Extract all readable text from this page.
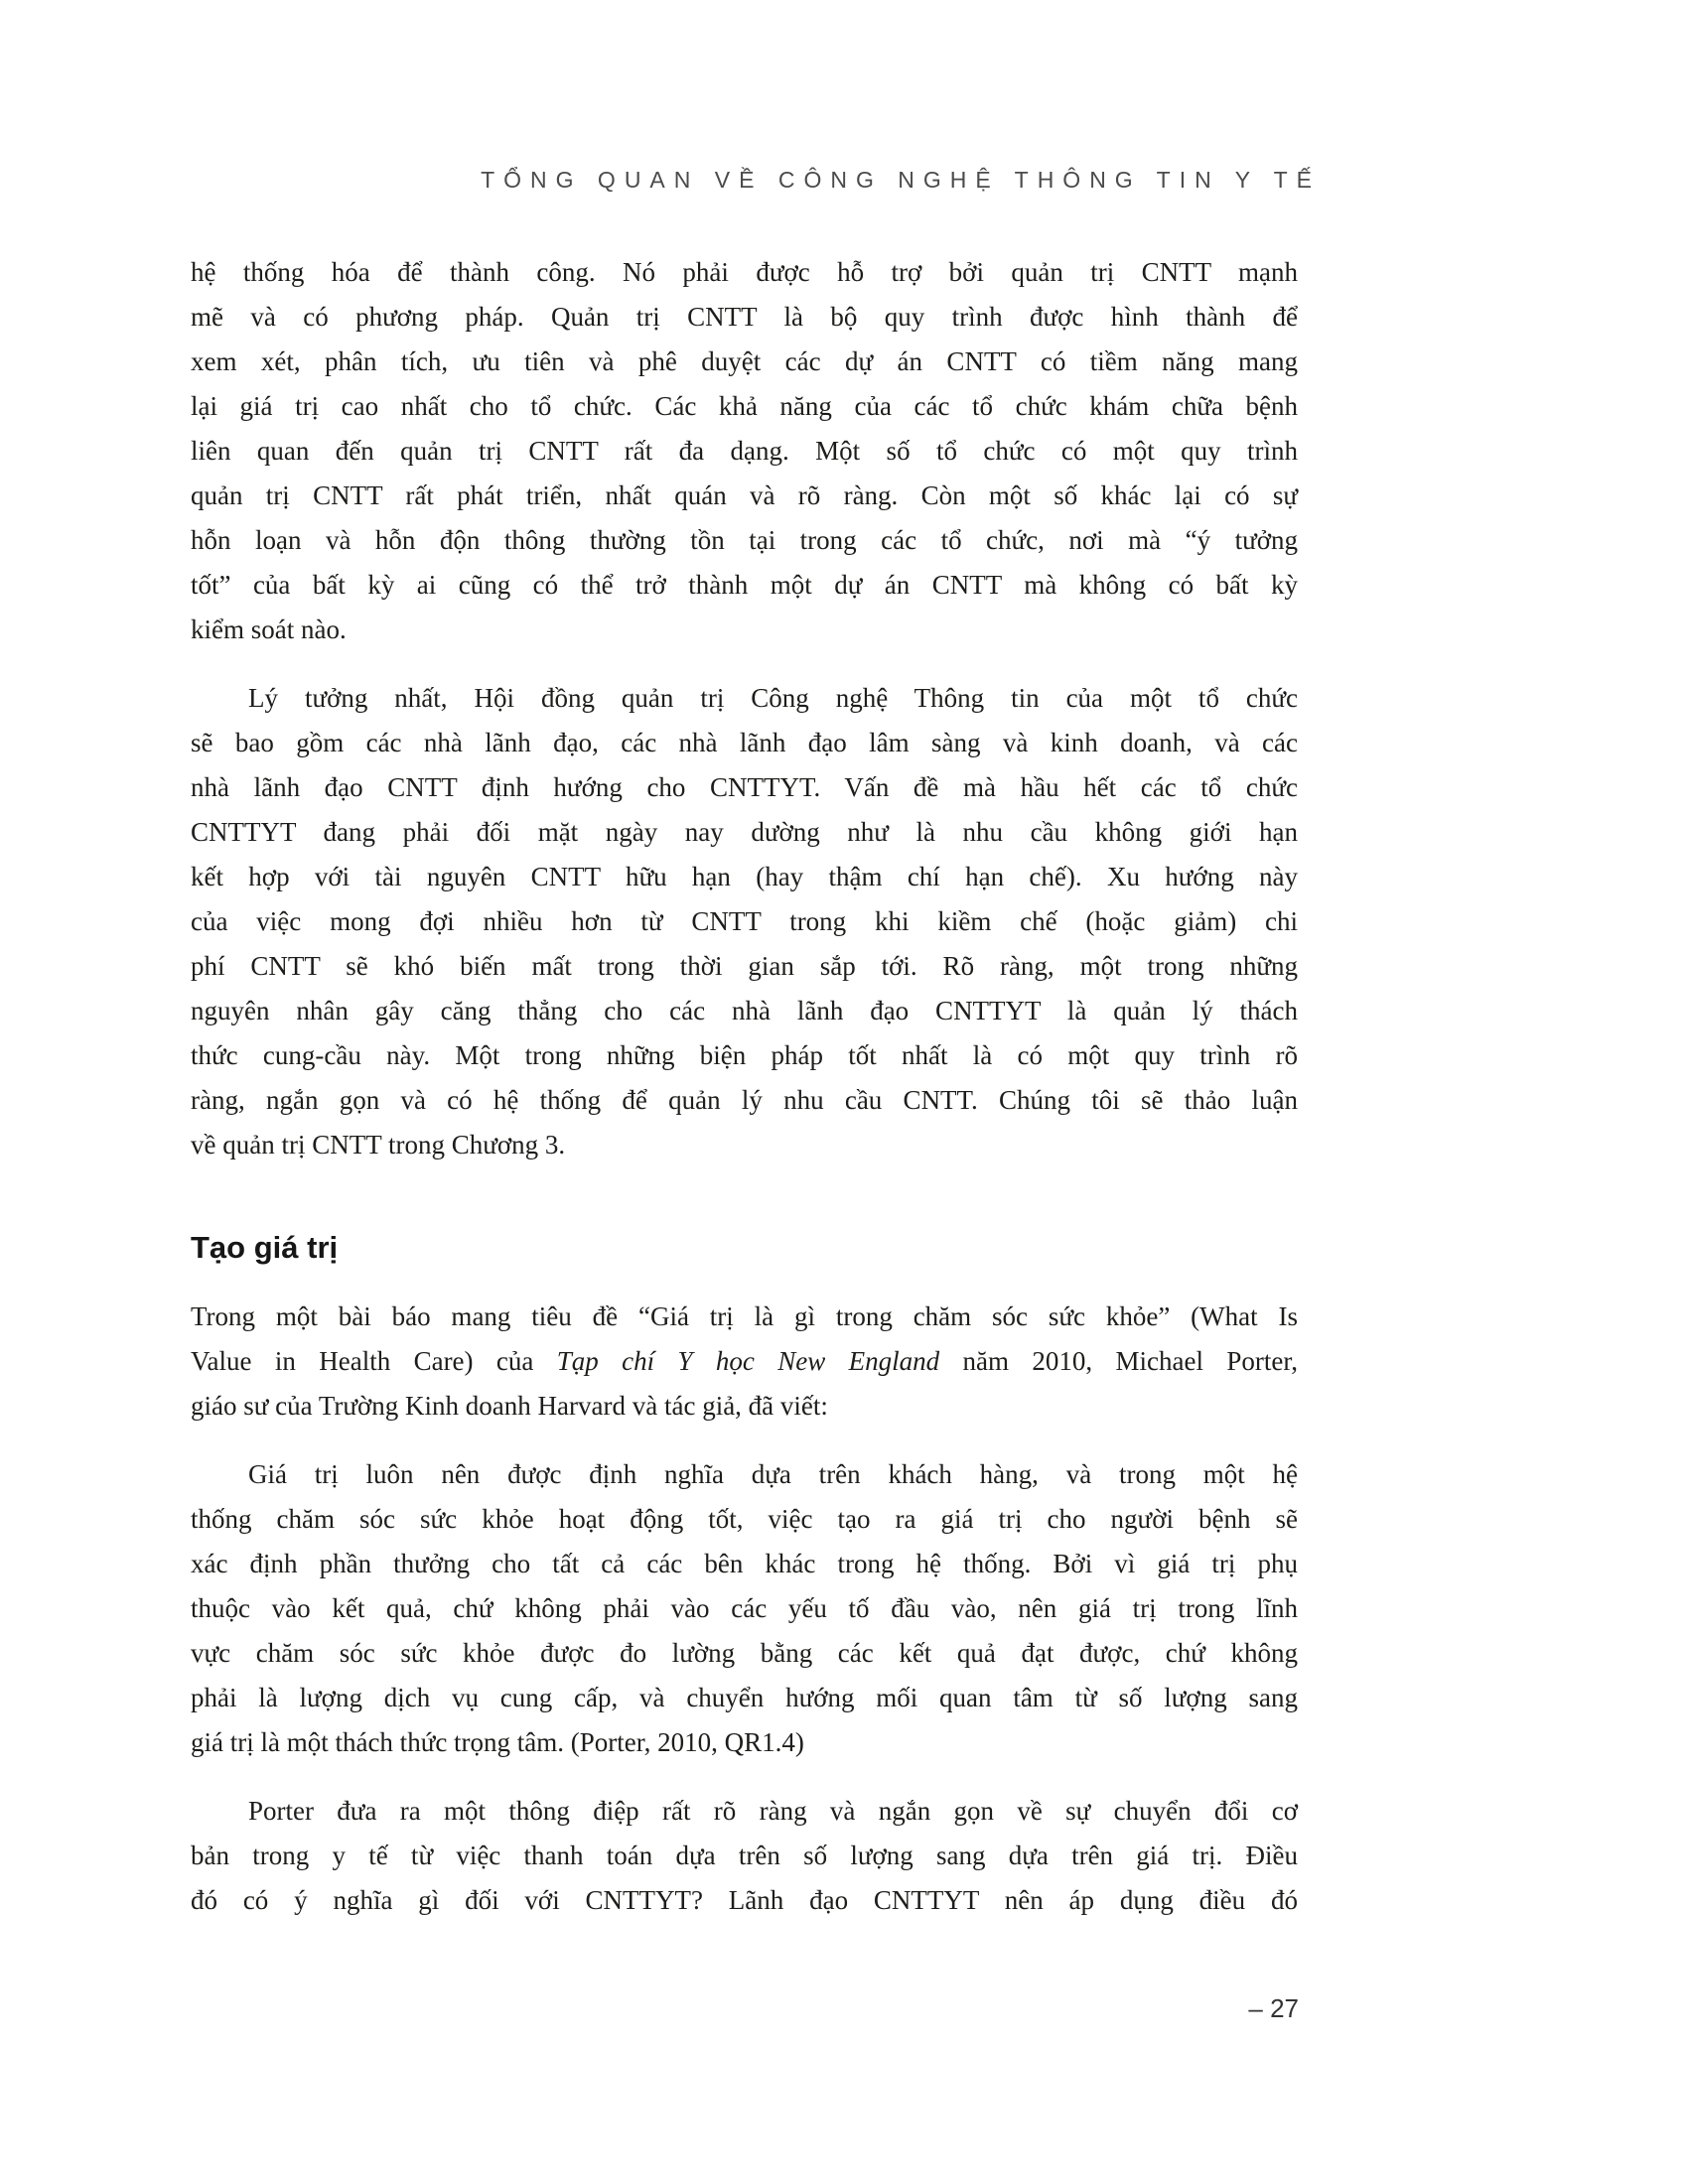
TỔNG QUAN VỀ CÔNG NGHỆ THÔNG TIN Y TẾ
hệ thống hóa để thành công. Nó phải được hỗ trợ bởi quản trị CNTT mạnh
mẽ và có phương pháp. Quản trị CNTT là bộ quy trình được hình thành để
xem xét, phân tích, ưu tiên và phê duyệt các dự án CNTT có tiềm năng mang
lại giá trị cao nhất cho tổ chức. Các khả năng của các tổ chức khám chữa bệnh
liên quan đến quản trị CNTT rất đa dạng. Một số tổ chức có một quy trình
quản trị CNTT rất phát triển, nhất quán và rõ ràng. Còn một số khác lại có sự
hỗn loạn và hỗn độn thông thường tồn tại trong các tổ chức, nơi mà “ý tưởng
tốt” của bất kỳ ai cũng có thể trở thành một dự án CNTT mà không có bất kỳ
kiểm soát nào.
Lý tưởng nhất, Hội đồng quản trị Công nghệ Thông tin của một tổ chức
sẽ bao gồm các nhà lãnh đạo, các nhà lãnh đạo lâm sàng và kinh doanh, và các
nhà lãnh đạo CNTT định hướng cho CNTTYT. Vấn đề mà hầu hết các tổ chức
CNTTYT đang phải đối mặt ngày nay dường như là nhu cầu không giới hạn
kết hợp với tài nguyên CNTT hữu hạn (hay thậm chí hạn chế). Xu hướng này
của việc mong đợi nhiều hơn từ CNTT trong khi kiềm chế (hoặc giảm) chi
phí CNTT sẽ khó biến mất trong thời gian sắp tới. Rõ ràng, một trong những
nguyên nhân gây căng thẳng cho các nhà lãnh đạo CNTTYT là quản lý thách
thức cung-cầu này. Một trong những biện pháp tốt nhất là có một quy trình rõ
ràng, ngắn gọn và có hệ thống để quản lý nhu cầu CNTT. Chúng tôi sẽ thảo luận
về quản trị CNTT trong Chương 3.
Tạo giá trị
Trong một bài báo mang tiêu đề “Giá trị là gì trong chăm sóc sức khỏe” (What Is
Value in Health Care) của Tạp chí Y học New England năm 2010, Michael Porter,
giáo sư của Trường Kinh doanh Harvard và tác giả, đã viết:
Giá trị luôn nên được định nghĩa dựa trên khách hàng, và trong một hệ
thống chăm sóc sức khỏe hoạt động tốt, việc tạo ra giá trị cho người bệnh sẽ
xác định phần thưởng cho tất cả các bên khác trong hệ thống. Bởi vì giá trị phụ
thuộc vào kết quả, chứ không phải vào các yếu tố đầu vào, nên giá trị trong lĩnh
vực chăm sóc sức khỏe được đo lường bằng các kết quả đạt được, chứ không
phải là lượng dịch vụ cung cấp, và chuyển hướng mối quan tâm từ số lượng sang
giá trị là một thách thức trọng tâm. (Porter, 2010, QR1.4)
Porter đưa ra một thông điệp rất rõ ràng và ngắn gọn về sự chuyển đổi cơ
bản trong y tế từ việc thanh toán dựa trên số lượng sang dựa trên giá trị. Điều
đó có ý nghĩa gì đối với CNTTYT? Lãnh đạo CNTTYT nên áp dụng điều đó
– 27
